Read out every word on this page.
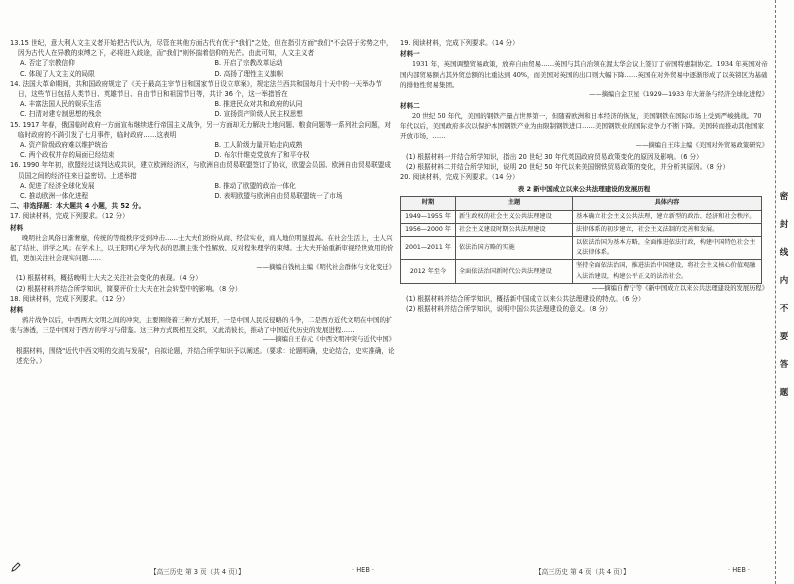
13.15 世纪，意大利人文主义者开始把古代认为，尽管在其他方面古代有优于"我们"之处，但在指引方面"我们"不会居于劣势之中，因为古代人在异教的束缚之下，必将进入歧途，而"我们"则怀揣着信仰的光芒。由此可知，人文主义者

A. 否定了宗教信仰	B. 开启了宗教改革运动
C. 体现了人文主义的局限	D. 高扬了理性主义旗帜

14. 法国大革命期间，共和国政府规定了《关于最高主宰节日和国家节日设立草案》，规定法兰西共和国每月十天中的一天举办节日，这些节日包括人类节日、英雄节日、自由节日和祖国节日等，共计 36 个，这一举措旨在

A. 丰富法国人民的娱乐生活	B. 推进民众对共和政府的认同
C. 扫清对建专制思想的残余	D. 宣扬资产阶级人民主权思想

15. 1917 年春，俄国临时政府一方面宣布继续进行帝国主义战争，另一方面却无力解决土地问题、粮食问题等一系列社会问题，对临时政府的不满引发了七月事件，临时政府……这表明

A. 资产阶级政府难以维护统治	B. 工人阶级力量开始走向成熟
C. 两个政权并存的局面已经结束	D. 布尔什维克党放弃了和平夺权

16. 1990 年年初，欧盟经过谈判达成共识，建立欧洲经济区，与欧洲自由贸易联盟签订了协议，欧盟会员国、欧洲自由贸易联盟成员国之间的经济往来日益密切。上述举措

A. 促进了经济全球化发展	B. 推动了欧盟的政治一体化
C. 推动欧洲一体化进程	D. 表明欧盟与欧洲自由贸易联盟统一了市场

二、非选择题：本大题共 4 小题，共 52 分。

17. 阅读材料，完成下列要求。（12 分）

材料

晚明社会风俗日渐奢靡，传统的等级秩序受到冲击……士大夫们纷纷从商、经营实业，商人地位明显提高。在社会生活上，士人兴起了结社、讲学之风；在学术上，以王阳明心学为代表的思潮主张个性解放、反对程朱理学的束缚。士大夫开始重新审视经世致用的价值，更加关注社会现实问题……

——摘编自钱杭主编《明代社会群体与文化变迁》

(1) 根据材料，概括晚明士大夫之关注社会变化的表现。（4 分）

(2) 根据材料并结合所学知识，简要评价士大夫在社会转型中的影响。（8 分）

18. 阅读材料，完成下列要求。（12 分）

材料

鸦片战争以后，中西两大文明之间的冲突，主要围绕着三种方式展开，一是中国人民反侵略的斗争，二是西方近代文明在中国的扩张与渗透，三是中国对于西方的学习与借鉴。这三种方式既相互交织，又此消彼长，推动了中国近代历史的发展进程……

——摘编自王春元《中西文明冲突与近代中国》

根据材料，围绕"近代中西文明的交流与发展"，自拟论题，并结合所学知识予以阐述。（要求：论题明确，史论结合，史实准确，论述充分。）

19. 阅读材料，完成下列要求。（14 分）

材料一

1931 年，英国调整贸易政策，放弃自由贸易……英国与其自治领在渥太华会议上签订了帝国特惠制协定。1934 年英国对帝国内部贸易额占其外贸总额的比重达到 40%，而美国对英国的出口则大幅下降……英国在对外贸易中逐渐形成了以英镑区为基础的排他性贸易集团。

——摘编自金卫星《1929—1933 年大萧条与经济全球化进程》

材料二

20 世纪 50 年代，美国的钢铁产量占世界第一，但随着欧洲和日本经济的恢复，美国钢铁在国际市场上受到严峻挑战。70 年代以后，美国政府多次以保护本国钢铁产业为由限制钢铁进口……美国钢铁业的国际竞争力不断下降。美国转而推动其他国家开放市场，……

——摘编自王玮主编《美国对外贸易政策研究》

(1) 根据材料一并结合所学知识，指出 20 世纪 30 年代英国政府贸易政策变化的原因及影响。（6 分）

(2) 根据材料二并结合所学知识，说明 20 世纪 50 年代以来美国钢铁贸易政策的变化，并分析其原因。（8 分）

20. 阅读材料，完成下列要求。（14 分）

表 2 新中国成立以来公共法理建设的发展历程

时期	主题	具体内容
1949—1955 年	新生政权的社会主义公共法理建设	基本确立社会主义公共法理，建立新型的政治、经济和社会秩序。
1956—2000 年	社会主义建设时期公共法理建设	法律体系的初步建立，社会主义法制的完善和发展。
2001—2011 年	依法治国方略的实施	以依法治国为基本方略，全面推进依法行政，构建中国特色社会主义法律体系。
2012 年至今	全面依法治国新时代公共法理建设	坚持全面依法治国，推进法治中国建设，将社会主义核心价值观融入法治建设，构建公平正义的法治社会。

——摘编自曹宁等《新中国成立以来公共法理建设的发展历程》

(1) 根据材料并结合所学知识，概括新中国成立以来公共法理建设的特点。（6 分）

(2) 根据材料并结合所学知识，说明中国公共法理建设的意义。（8 分）

【高三历史 第 3 页（共 4 页）】	· HEB ·	【高三历史 第 4 页（共 4 页）】	· HEB ·
密
封
线
内
不
要
答
题
